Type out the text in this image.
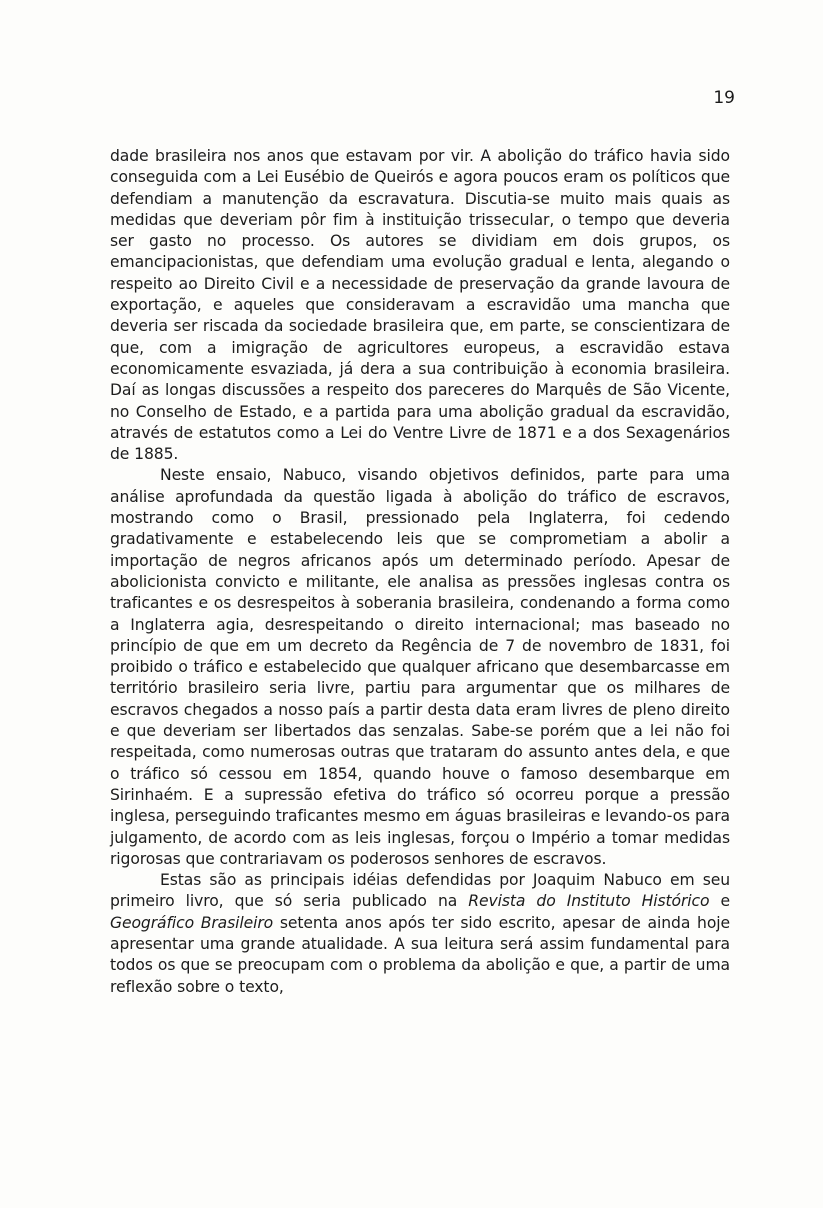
19

dade brasileira nos anos que estavam por vir. A abolição do tráfico havia sido conseguida com a Lei Eusébio de Queirós e agora poucos eram os políticos que defendiam a manutenção da escravatura. Discutia-se muito mais quais as medidas que deveriam pôr fim à instituição trissecular, o tempo que deveria ser gasto no processo. Os autores se dividiam em dois grupos, os emancipacionistas, que defendiam uma evolução gradual e lenta, alegando o respeito ao Direito Civil e a necessidade de preservação da grande lavoura de exportação, e aqueles que consideravam a escravidão uma mancha que deveria ser riscada da sociedade brasileira que, em parte, se conscientizara de que, com a imigração de agricultores europeus, a escravidão estava economicamente esvaziada, já dera a sua contribuição à economia brasileira. Daí as longas discussões a respeito dos pareceres do Marquês de São Vicente, no Conselho de Estado, e a partida para uma abolição gradual da escravidão, através de estatutos como a Lei do Ventre Livre de 1871 e a dos Sexagenários de 1885.

Neste ensaio, Nabuco, visando objetivos definidos, parte para uma análise aprofundada da questão ligada à abolição do tráfico de escravos, mostrando como o Brasil, pressionado pela Inglaterra, foi cedendo gradativamente e estabelecendo leis que se comprometiam a abolir a importação de negros africanos após um determinado período. Apesar de abolicionista convicto e militante, ele analisa as pressões inglesas contra os traficantes e os desrespeitos à soberania brasileira, condenando a forma como a Inglaterra agia, desrespeitando o direito internacional; mas baseado no princípio de que em um decreto da Regência de 7 de novembro de 1831, foi proibido o tráfico e estabelecido que qualquer africano que desembarcasse em território brasileiro seria livre, partiu para argumentar que os milhares de escravos chegados a nosso país a partir desta data eram livres de pleno direito e que deveriam ser libertados das senzalas. Sabe-se porém que a lei não foi respeitada, como numerosas outras que trataram do assunto antes dela, e que o tráfico só cessou em 1854, quando houve o famoso desembarque em Sirinhaém. E a supressão efetiva do tráfico só ocorreu porque a pressão inglesa, perseguindo traficantes mesmo em águas brasileiras e levando-os para julgamento, de acordo com as leis inglesas, forçou o Império a tomar medidas rigorosas que contrariavam os poderosos senhores de escravos.

Estas são as principais idéias defendidas por Joaquim Nabuco em seu primeiro livro, que só seria publicado na Revista do Instituto Histórico e Geográfico Brasileiro setenta anos após ter sido escrito, apesar de ainda hoje apresentar uma grande atualidade. A sua leitura será assim fundamental para todos os que se preocupam com o problema da abolição e que, a partir de uma reflexão sobre o texto,
